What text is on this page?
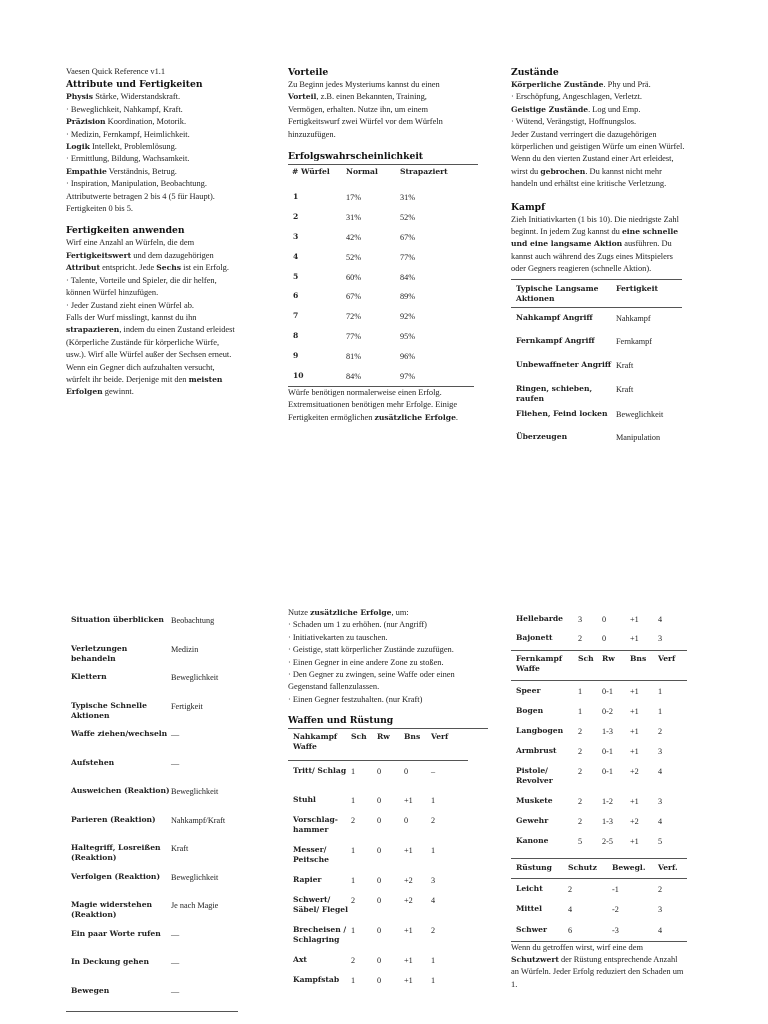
Vaesen Quick Reference v1.1

Attribute und Fertigkeiten

Physis Stärke, Widerstandskraft.
· Beweglichkeit, Nahkampf, Kraft.
Präzision Koordination, Motorik.
· Medizin, Fernkampf, Heimlichkeit.
Logik Intellekt, Problemlösung.
· Ermittlung, Bildung, Wachsamkeit.
Empathie Verständnis, Betrug.
· Inspiration, Manipulation, Beobachtung.
Attributwerte betragen 2 bis 4 (5 für Haupt).
Fertigkeiten 0 bis 5.

Fertigkeiten anwenden

Wirf eine Anzahl an Würfeln, die dem
Fertigkeitswert und dem dazugehörigen
Attribut entspricht. Jede Sechs ist ein Erfolg.
· Talente, Vorteile und Spieler, die dir helfen,
können Würfel hinzufügen.
· Jeder Zustand zieht einen Würfel ab.
Falls der Wurf misslingt, kannst du ihn
strapazieren, indem du einen Zustand erleidest
(Körperliche Zustände für körperliche Würfe,
usw.). Wirf alle Würfel außer der Sechsen erneut.
Wenn ein Gegner dich aufzuhalten versucht,
würfelt ihr beide. Derjenige mit den meisten
Erfolgen gewinnt.

Vorteile

Zu Beginn jedes Mysteriums kannst du einen
Vorteil, z.B. einen Bekannten, Training,
Vermögen, erhalten. Nutze ihn, um einem
Fertigkeitswurf zwei Würfel vor dem Würfeln
hinzuzufügen.

Erfolgswahrscheinlichkeit

# Würfel	Normal	Strapaziert
1	17%	31%
2	31%	52%
3	42%	67%
4	52%	77%
5	60%	84%
6	67%	89%
7	72%	92%
8	77%	95%
9	81%	96%
10	84%	97%
Würfe benötigen normalerweise einen Erfolg.
Extremsituationen benötigen mehr Erfolge. Einige
Fertigkeiten ermöglichen zusätzliche Erfolge.

Zustände

Körperliche Zustände. Phy und Prä.
· Erschöpfung, Angeschlagen, Verletzt.
Geistige Zustände. Log und Emp.
· Wütend, Verängstigt, Hoffnungslos.
Jeder Zustand verringert die dazugehörigen
körperlichen und geistigen Würfe um einen Würfel.
Wenn du den vierten Zustand einer Art erleidest,
wirst du gebrochen. Du kannst nicht mehr
handeln und erhältst eine kritische Verletzung.

Kampf

Zieh Initiativkarten (1 bis 10). Die niedrigste Zahl
beginnt. In jedem Zug kannst du eine schnelle
und eine langsame Aktion ausführen. Du
kannst auch während des Zugs eines Mitspielers
oder Gegners reagieren (schnelle Aktion).
Typische Langsame Aktionen	Fertigkeit
Nahkampf Angriff	Nahkampf
Fernkampf Angriff	Fernkampf
Unbewaffneter Angriff	Kraft
Ringen, schieben, raufen	Kraft
Fliehen, Feind locken	Beweglichkeit
Überzeugen	Manipulation
Situation überblicken	Beobachtung
Verletzungen behandeln	Medizin
Klettern	Beweglichkeit
Typische Schnelle Aktionen	Fertigkeit
Waffe ziehen/wechseln	—
Aufstehen	—
Ausweichen (Reaktion)	Beweglichkeit
Parieren (Reaktion)	Nahkampf/Kraft
Haltegriff, Losreißen (Reaktion)	Kraft
Verfolgen (Reaktion)	Beweglichkeit
Magie widerstehen (Reaktion)	Je nach Magie
Ein paar Worte rufen	—
In Deckung gehen	—
Bewegen	—
Nutze zusätzliche Erfolge, um:
· Schaden um 1 zu erhöhen. (nur Angriff)
· Initiativekarten zu tauschen.
· Geistige, statt körperlicher Zustände zuzufügen.
· Einen Gegner in eine andere Zone zu stoßen.
· Den Gegner zu zwingen, seine Waffe oder einen
Gegenstand fallenzulassen.
· Einen Gegner festzuhalten. (nur Kraft)

Waffen und Rüstung

Nahkampf Waffe	Sch	Rw	Bns	Verf
Tritt/ Schlag	1	0	0	–
Stuhl	1	0	+1	1
Vorschlag-hammer	2	0	0	2
Messer/ Peitsche	1	0	+1	1
Rapier	1	0	+2	3
Schwert/ Säbel/ Flegel	2	0	+2	4
Brecheisen / Schlagring	1	0	+1	2
Axt	2	0	+1	1
Kampfstab	1	0	+1	1
Hellebarde	3	0	+1	4
Bajonett	2	0	+1	3
Fernkampf Waffe	Sch	Rw	Bns	Verf
Speer	1	0-1	+1	1
Bogen	1	0-2	+1	1
Langbogen	2	1-3	+1	2
Armbrust	2	0-1	+1	3
Pistole/ Revolver	2	0-1	+2	4
Muskete	2	1-2	+1	3
Gewehr	2	1-3	+2	4
Kanone	5	2-5	+1	5
Rüstung	Schutz	Bewegl.	Verf.
Leicht	2	-1	2
Mittel	4	-2	3
Schwer	6	-3	4
Wenn du getroffen wirst, wirf eine dem
Schutzwert der Rüstung entsprechende Anzahl
an Würfeln. Jeder Erfolg reduziert den Schaden um
1.
